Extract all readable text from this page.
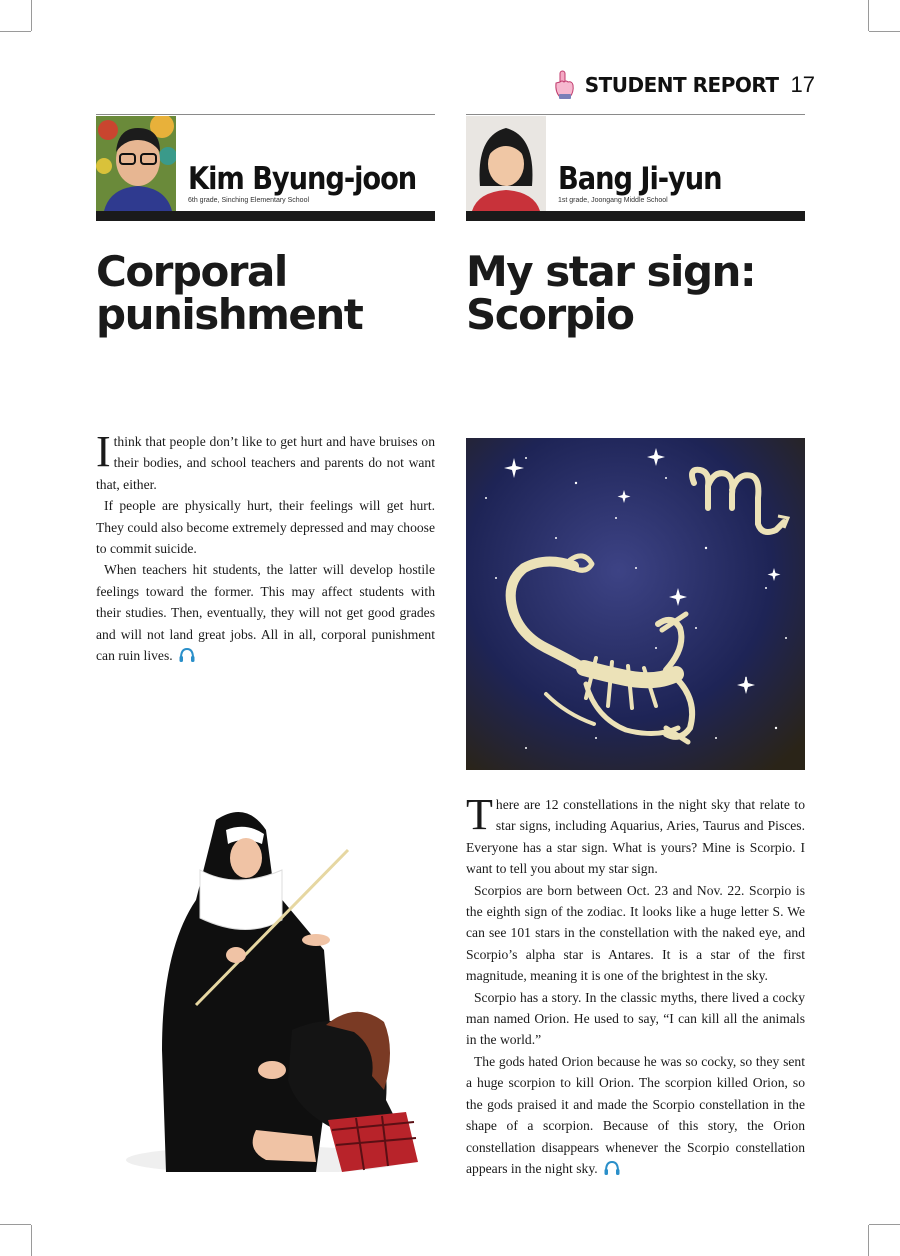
STUDENT REPORT 17
Kim Byung-joon
6th grade, Sinching Elementary School
Bang Ji-yun
1st grade, Joongang Middle School
Corporal
punishment
My star sign:
Scorpio

Ithink that people don’t like to get hurt and have bruises on their bodies, and school teachers and parents do not want that, either.

If people are physically hurt, their feelings will get hurt. They could also become extremely depressed and may choose to commit suicide.

When teachers hit students, the latter will develop hostile feelings toward the former. This may affect students with their studies. Then, eventually, they will not get good grades and will not land great jobs. All in all, corporal punishment can ruin lives.

There are 12 constellations in the night sky that relate to star signs, including Aquarius, Aries, Taurus and Pisces. Everyone has a star sign. What is yours? Mine is Scorpio. I want to tell you about my star sign.

Scorpios are born between Oct. 23 and Nov. 22. Scorpio is the eighth sign of the zodiac. It looks like a huge letter S. We can see 101 stars in the constellation with the naked eye, and Scorpio’s alpha star is Antares. It is a star of the first magnitude, meaning it is one of the brightest in the sky.

Scorpio has a story. In the classic myths, there lived a cocky man named Orion. He used to say, “I can kill all the animals in the world.”

The gods hated Orion because he was so cocky, so they sent a huge scorpion to kill Orion. The scorpion killed Orion, so the gods praised it and made the Scorpio constellation in the shape of a scorpion. Because of this story, the Orion constellation disappears whenever the Scorpio constellation appears in the night sky.
